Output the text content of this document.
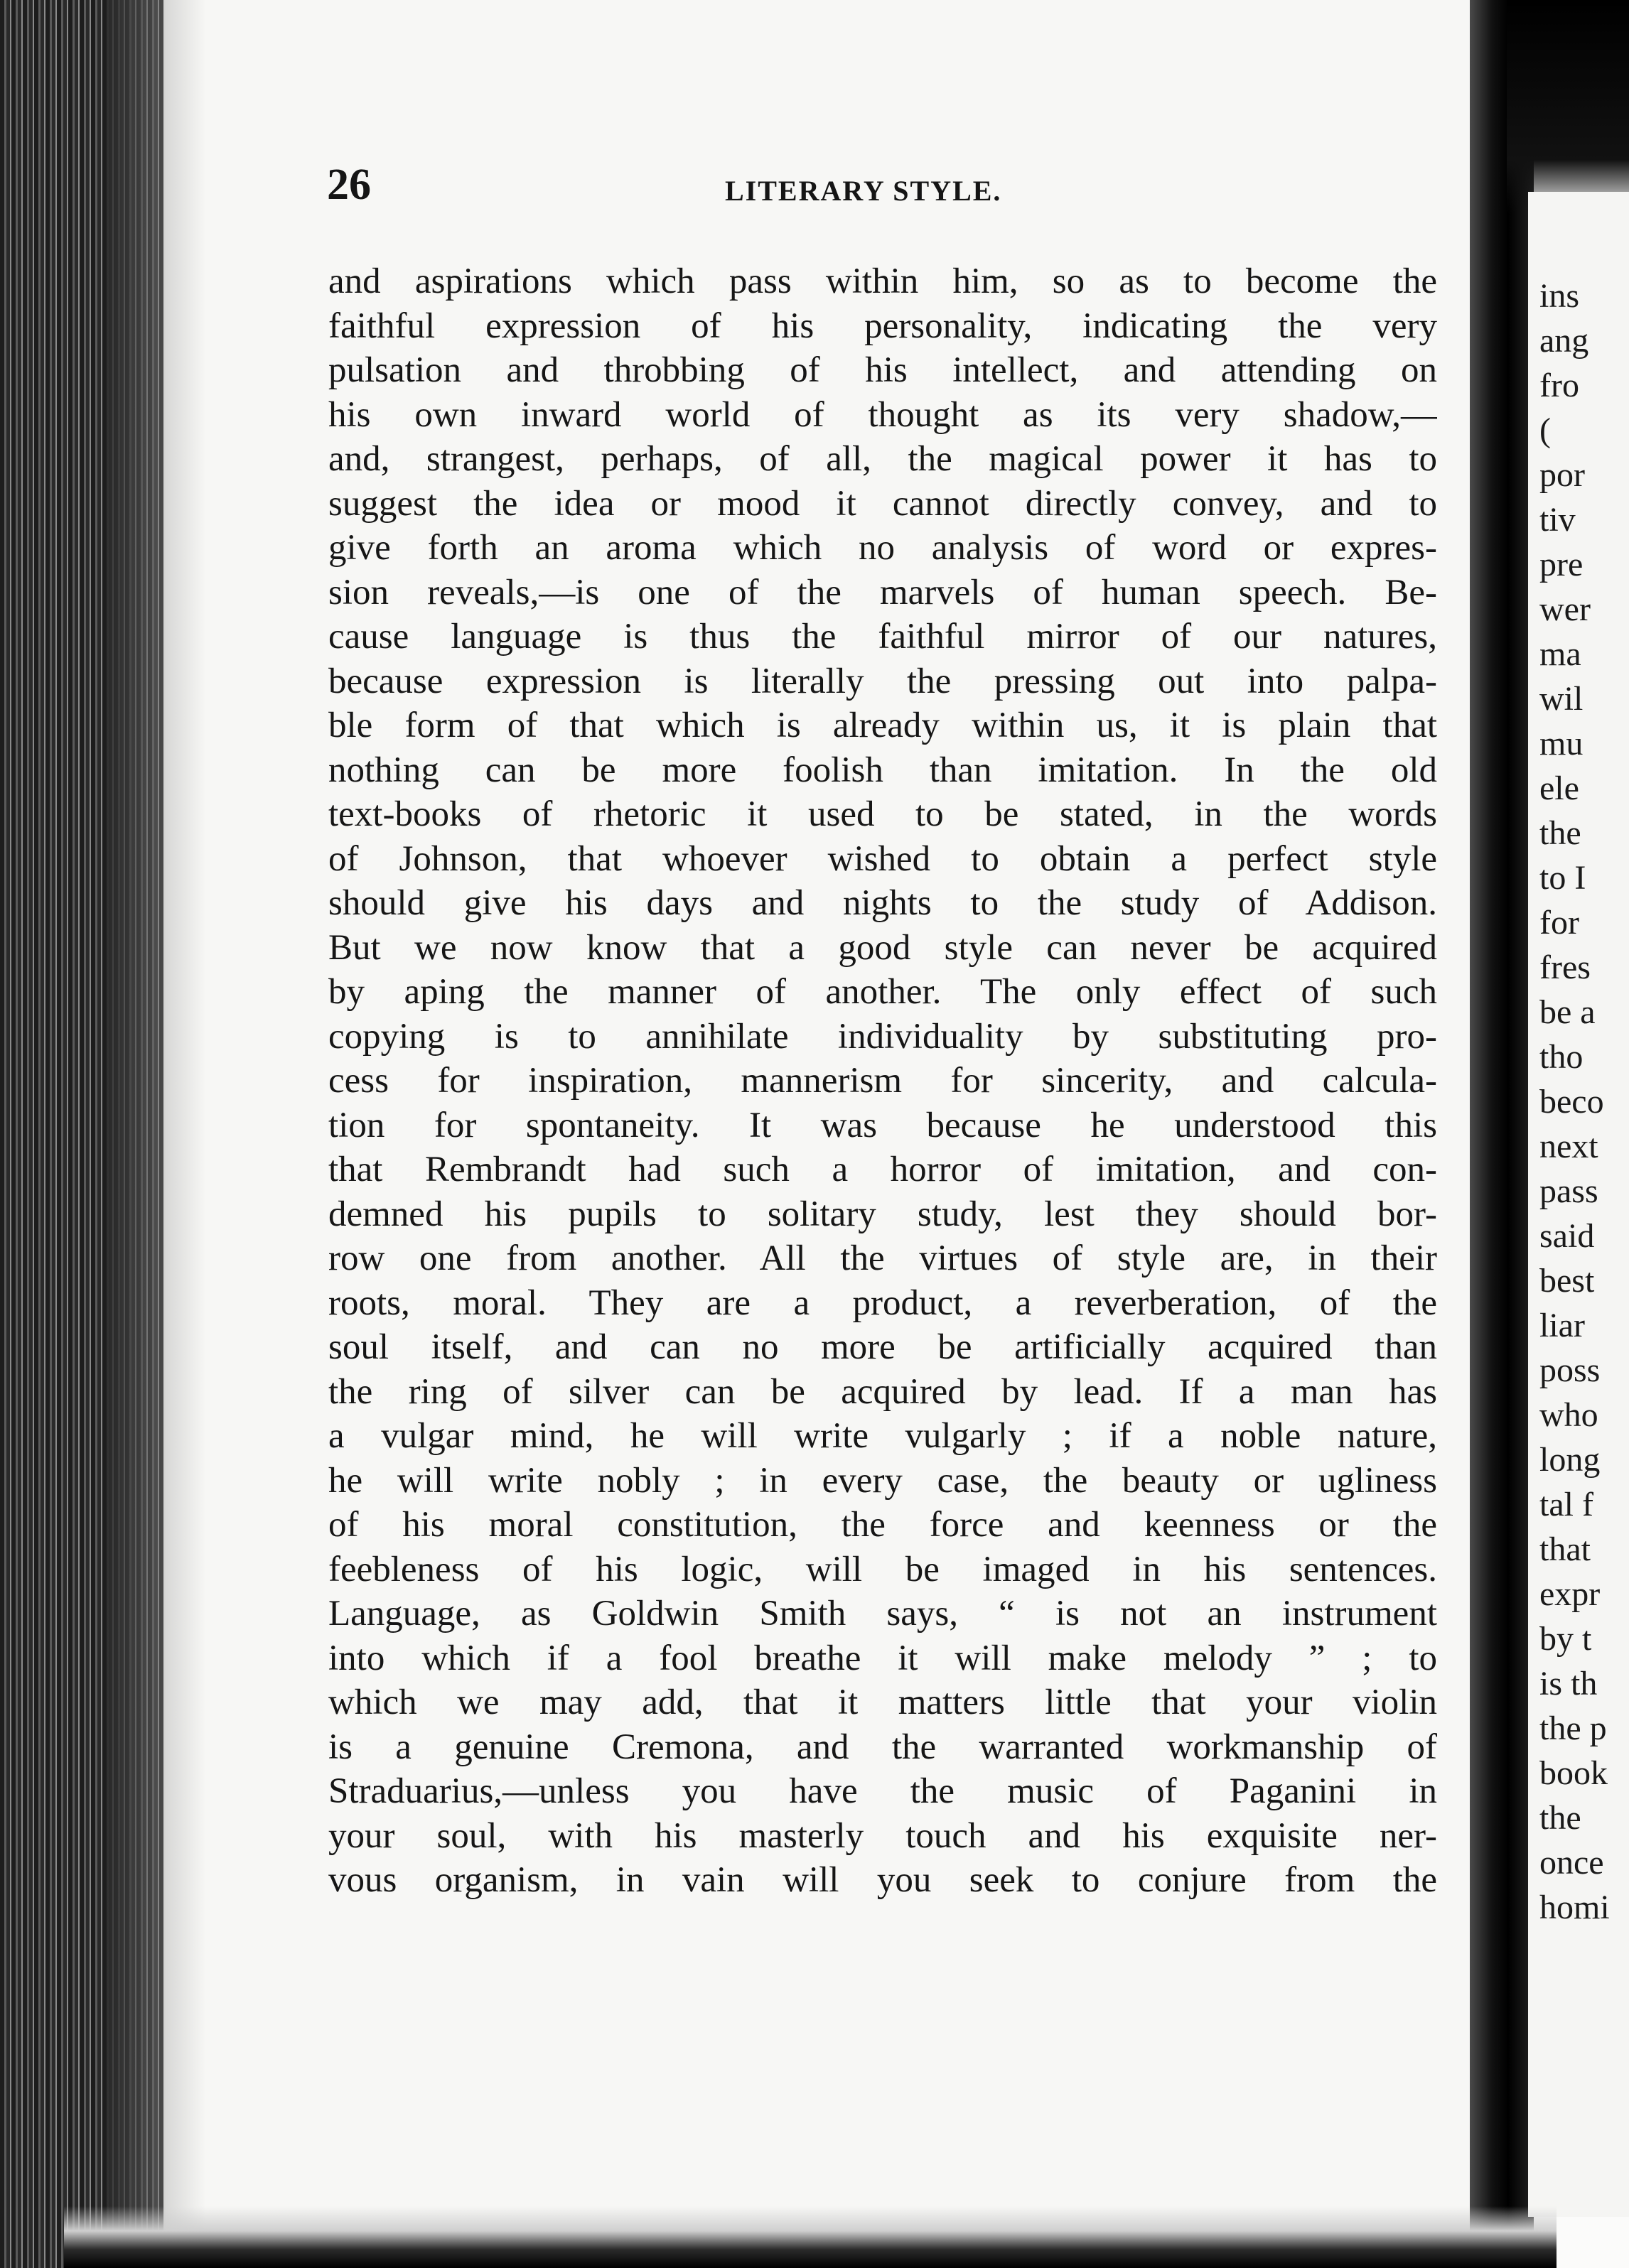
26	LITERARY STYLE.
and aspirations which pass within him, so as to become the
faithful expression of his personality, indicating the very
pulsation and throbbing of his intellect, and attending on
his own inward world of thought as its very shadow,—
and, strangest, perhaps, of all, the magical power it has to
suggest the idea or mood it cannot directly convey, and to
give forth an aroma which no analysis of word or expres-
sion reveals,—is one of the marvels of human speech. Be-
cause language is thus the faithful mirror of our natures,
because expression is literally the pressing out into palpa-
ble form of that which is already within us, it is plain that
nothing can be more foolish than imitation. In the old
text-books of rhetoric it used to be stated, in the words
of Johnson, that whoever wished to obtain a perfect style
should give his days and nights to the study of Addison.
But we now know that a good style can never be acquired
by aping the manner of another. The only effect of such
copying is to annihilate individuality by substituting pro-
cess for inspiration, mannerism for sincerity, and calcula-
tion for spontaneity. It was because he understood this
that Rembrandt had such a horror of imitation, and con-
demned his pupils to solitary study, lest they should bor-
row one from another. All the virtues of style are, in their
roots, moral. They are a product, a reverberation, of the
soul itself, and can no more be artificially acquired than
the ring of silver can be acquired by lead. If a man has
a vulgar mind, he will write vulgarly ; if a noble nature,
he will write nobly ; in every case, the beauty or ugliness
of his moral constitution, the force and keenness or the
feebleness of his logic, will be imaged in his sentences.
Language, as Goldwin Smith says, “ is not an instrument
into which if a fool breathe it will make melody ” ; to
which we may add, that it matters little that your violin
is a genuine Cremona, and the warranted workmanship of
Straduarius,—unless you have the music of Paganini in
your soul, with his masterly touch and his exquisite ner-
vous organism, in vain will you seek to conjure from the
ins
ang
fro
(
por
tiv
pre
wer
ma
wil
mu
ele
the
to I
for
fres
be a
tho
beco
next
pass
said
best
liar
poss
who
long
tal f
that
expr
by t
is th
the p
book
the
once
homi
